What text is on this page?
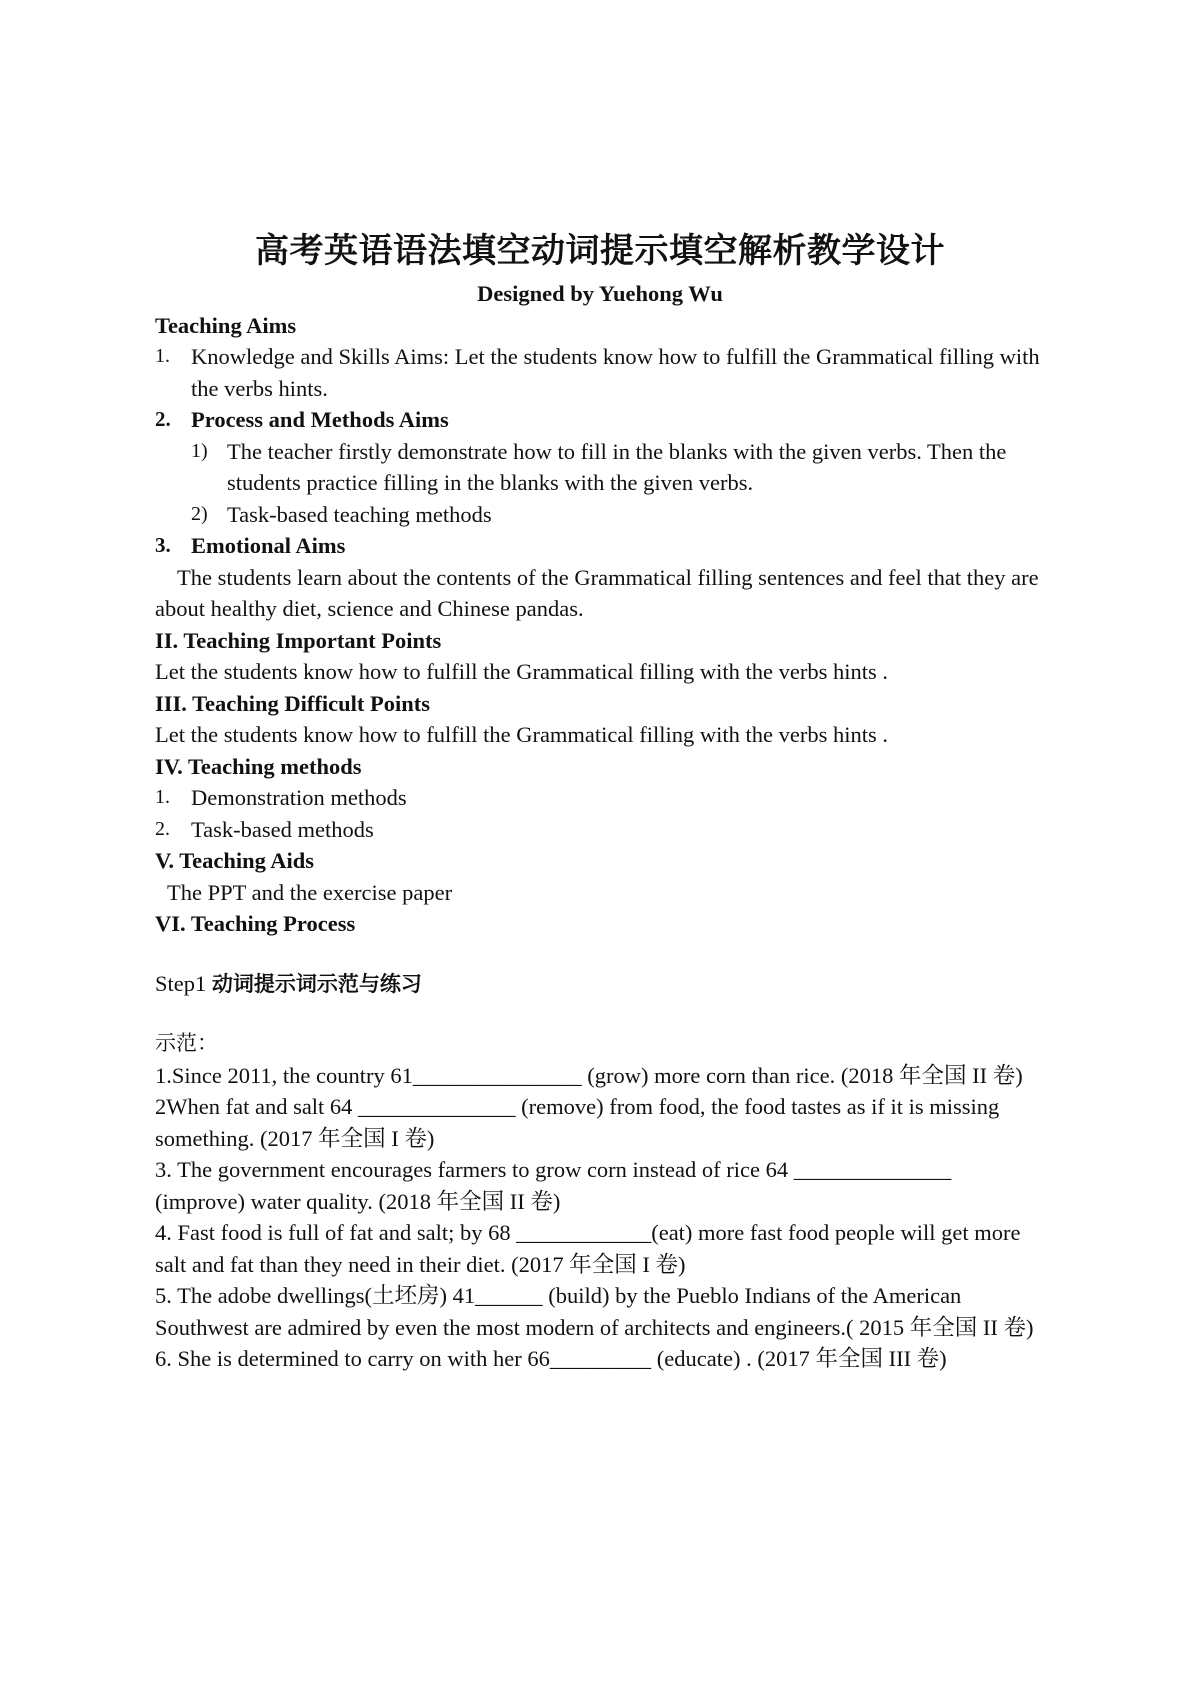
高考英语语法填空动词提示填空解析教学设计

Designed by Yuehong Wu

Teaching Aims

1. Knowledge and Skills Aims: Let the students know how to fulfill the Grammatical filling with the verbs hints.
2. Process and Methods Aims
1) The teacher firstly demonstrate how to fill in the blanks with the given verbs. Then the students practice filling in the blanks with the given verbs.
2) Task-based teaching methods
3. Emotional Aims

The students learn about the contents of the Grammatical filling sentences and feel that they are about healthy diet, science and Chinese pandas.

II. Teaching Important Points

Let the students know how to fulfill the Grammatical filling with the verbs hints .

III. Teaching Difficult Points

Let the students know how to fulfill the Grammatical filling with the verbs hints .

IV. Teaching methods

1. Demonstration methods
2. Task-based methods

V. Teaching Aids

The PPT and the exercise paper

VI. Teaching Process

Step1 动词提示词示范与练习

示范：

1.Since 2011, the country 61_______________ (grow) more corn than rice. (2018 年全国 II 卷)

2When fat and salt 64 ______________ (remove) from food, the food tastes as if it is missing something. (2017 年全国 I 卷)

3. The government encourages farmers to grow corn instead of rice 64 ______________ (improve) water quality. (2018 年全国 II 卷)

4. Fast food is full of fat and salt; by 68 ____________(eat) more fast food people will get more salt and fat than they need in their diet. (2017 年全国 I 卷)

5. The adobe dwellings(土坯房) 41______ (build) by the Pueblo Indians of the American Southwest are admired by even the most modern of architects and engineers.( 2015 年全国 II 卷)

6. She is determined to carry on with her 66_________ (educate) . (2017 年全国 III 卷)
